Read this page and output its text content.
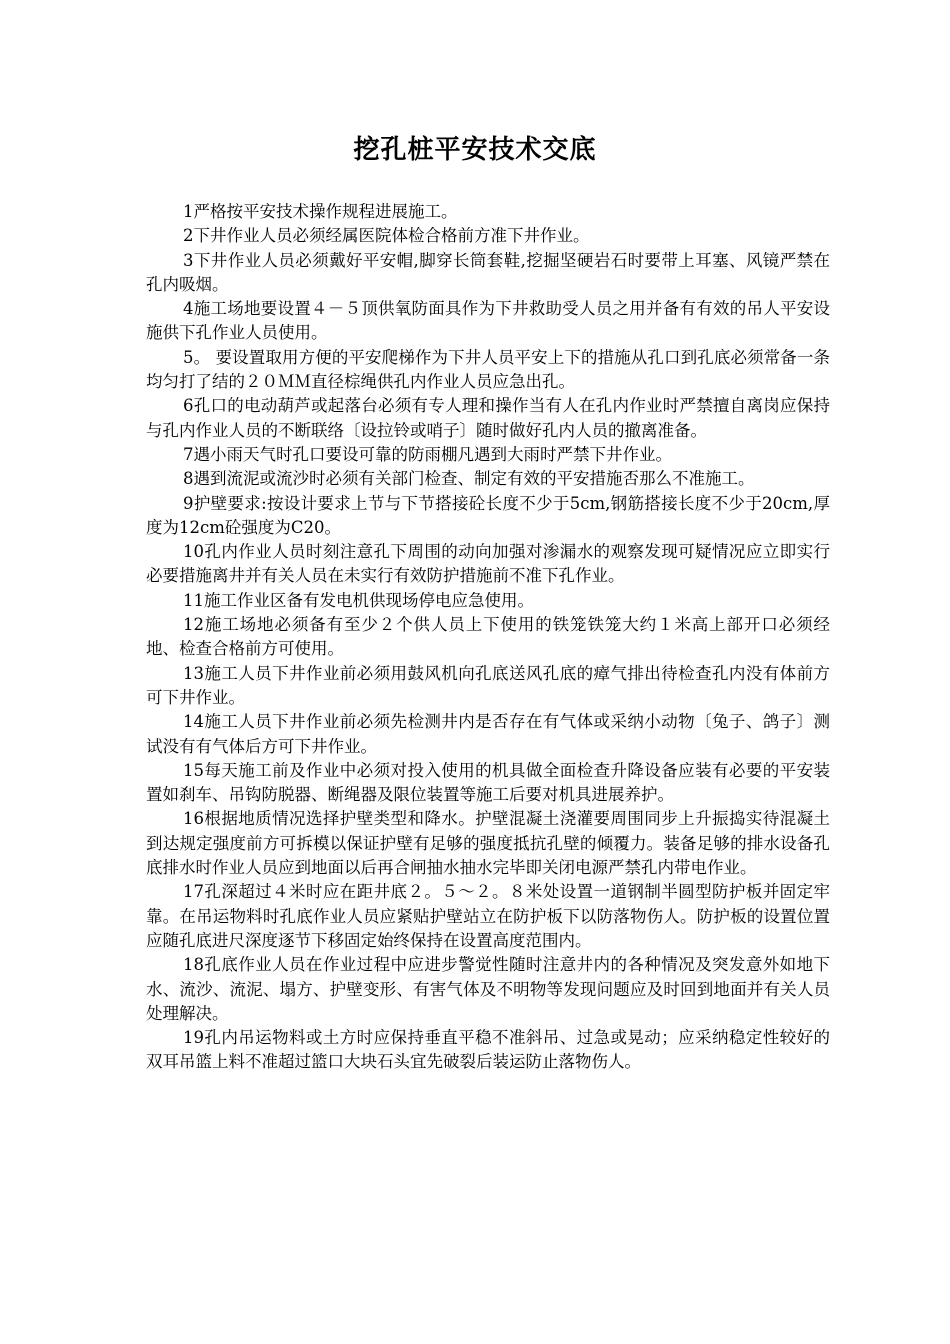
挖孔桩平安技术交底

1严格按平安技术操作规程进展施工。

2下井作业人员必须经属医院体检合格前方准下井作业。

3下井作业人员必须戴好平安帽,脚穿长筒套鞋,挖掘坚硬岩石时要带上耳塞、风镜严禁在孔内吸烟。

4施工场地要设置４－５顶供氧防面具作为下井救助受人员之用并备有有效的吊人平安设施供下孔作业人员使用。

5。 要设置取用方便的平安爬梯作为下井人员平安上下的措施从孔口到孔底必须常备一条均匀打了结的２０ＭＭ直径棕绳供孔内作业人员应急出孔。

6孔口的电动葫芦或起落台必须有专人理和操作当有人在孔内作业时严禁擅自离岗应保持与孔内作业人员的不断联络〔设拉铃或哨子〕随时做好孔内人员的撤离准备。

7遇小雨天气时孔口要设可靠的防雨棚凡遇到大雨时严禁下井作业。

8遇到流泥或流沙时必须有关部门检查、制定有效的平安措施否那么不准施工。

9护壁要求:按设计要求上节与下节搭接砼长度不少于5cm,钢筋搭接长度不少于20cm,厚度为12cm砼强度为C20。

10孔内作业人员时刻注意孔下周围的动向加强对渗漏水的观察发现可疑情况应立即实行必要措施离井并有关人员在未实行有效防护措施前不准下孔作业。

11施工作业区备有发电机供现场停电应急使用。

12施工场地必须备有至少２个供人员上下使用的铁笼铁笼大约１米高上部开口必须经地、检查合格前方可使用。

13施工人员下井作业前必须用鼓风机向孔底送风孔底的瘴气排出待检查孔内没有体前方可下井作业。

14施工人员下井作业前必须先检测井内是否存在有气体或采纳小动物〔兔子、鸽子〕测试没有有气体后方可下井作业。

15每天施工前及作业中必须对投入使用的机具做全面检查升降设备应装有必要的平安装置如刹车、吊钩防脱器、断绳器及限位装置等施工后要对机具进展养护。

16根据地质情况选择护壁类型和降水。护壁混凝土浇灌要周围同步上升振捣实待混凝土到达规定强度前方可拆模以保证护壁有足够的强度抵抗孔壁的倾覆力。装备足够的排水设备孔底排水时作业人员应到地面以后再合闸抽水抽水完毕即关闭电源严禁孔内带电作业。

17孔深超过４米时应在距井底２。５～２。８米处设置一道钢制半圆型防护板并固定牢靠。在吊运物料时孔底作业人员应紧贴护壁站立在防护板下以防落物伤人。防护板的设置位置应随孔底进尺深度逐节下移固定始终保持在设置高度范围内。

18孔底作业人员在作业过程中应进步警觉性随时注意井内的各种情况及突发意外如地下水、流沙、流泥、塌方、护壁变形、有害气体及不明物等发现问题应及时回到地面并有关人员处理解决。

19孔内吊运物料或土方时应保持垂直平稳不准斜吊、过急或晃动；应采纳稳定性较好的双耳吊篮上料不准超过篮口大块石头宜先破裂后装运防止落物伤人。
